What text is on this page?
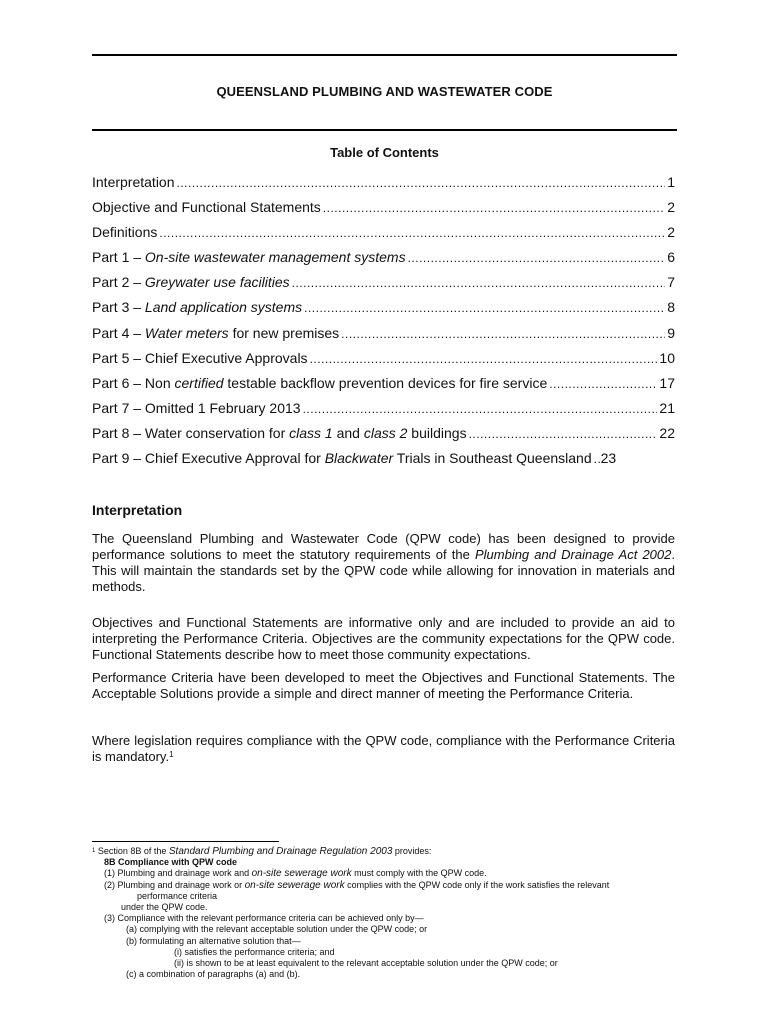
QUEENSLAND PLUMBING AND WASTEWATER CODE
Table of Contents
Interpretation .....	1
Objective and Functional Statements .....	2
Definitions .....	2
Part 1 – On-site wastewater management systems .....	6
Part 2 – Greywater use facilities .....	7
Part 3 – Land application systems .....	8
Part 4 – Water meters for new premises .....	9
Part 5 – Chief Executive Approvals .....	10
Part 6 – Non certified testable backflow prevention devices for fire service .....	17
Part 7 – Omitted 1 February 2013 .....	21
Part 8 – Water conservation for class 1 and class 2 buildings .....	22
Part 9 – Chief Executive Approval for Blackwater Trials in Southeast Queensland ..... 23
Interpretation
The Queensland Plumbing and Wastewater Code (QPW code) has been designed to provide performance solutions to meet the statutory requirements of the Plumbing and Drainage Act 2002. This will maintain the standards set by the QPW code while allowing for innovation in materials and methods.
Objectives and Functional Statements are informative only and are included to provide an aid to interpreting the Performance Criteria. Objectives are the community expectations for the QPW code. Functional Statements describe how to meet those community expectations.
Performance Criteria have been developed to meet the Objectives and Functional Statements. The Acceptable Solutions provide a simple and direct manner of meeting the Performance Criteria.
Where legislation requires compliance with the QPW code, compliance with the Performance Criteria is mandatory.$^1$
$^1$ Section 8B of the Standard Plumbing and Drainage Regulation 2003 provides:
8B Compliance with QPW code
(1) Plumbing and drainage work and on-site sewerage work must comply with the QPW code.
(2) Plumbing and drainage work or on-site sewerage work complies with the QPW code only if the work satisfies the relevant
performance criteria
under the QPW code.
(3) Compliance with the relevant performance criteria can be achieved only by—
(a) complying with the relevant acceptable solution under the QPW code; or
(b) formulating an alternative solution that—
(i) satisfies the performance criteria; and
(ii) is shown to be at least equivalent to the relevant acceptable solution under the QPW code; or
(c) a combination of paragraphs (a) and (b).
